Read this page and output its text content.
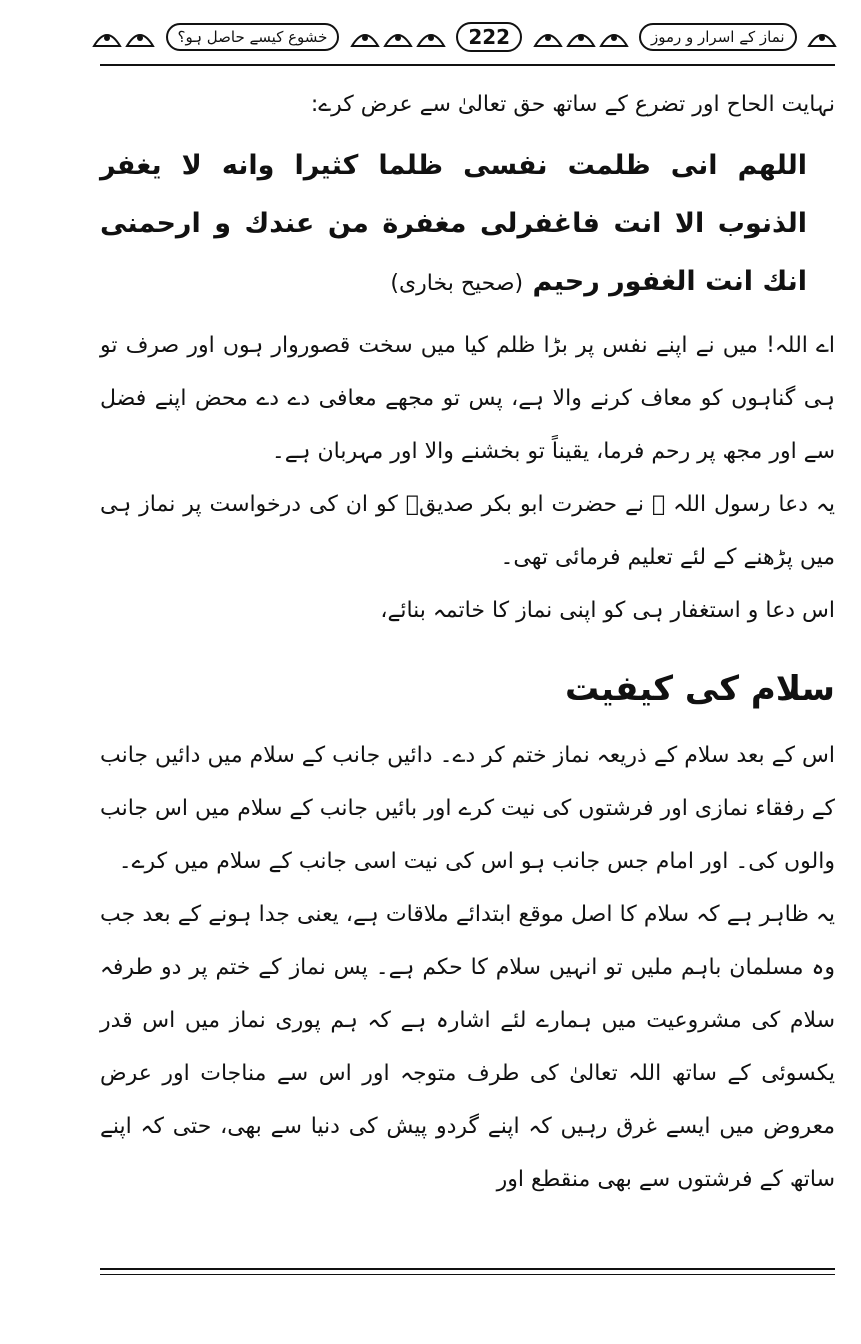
نماز کے اسرار و رموز
222
خشوع کیسے حاصل ہو؟

نہایت الحاح اور تضرع کے ساتھ حق تعالیٰ سے عرض کرے:

اللهم انی ظلمت نفسی ظلما كثيرا وانه لا يغفر الذنوب الا انت فاغفرلی مغفرة من عندك و ارحمنی انك انت الغفور رحيم (صحیح بخاری)

اے اللہ! میں نے اپنے نفس پر بڑا ظلم کیا میں سخت قصوروار ہوں اور صرف تو ہی گناہوں کو معاف کرنے والا ہے، پس تو مجھے معافی دے دے محض اپنے فضل سے اور مجھ پر رحم فرما، یقیناً تو بخشنے والا اور مہربان ہے۔

یہ دعا رسول اللہ ﷺ نے حضرت ابو بکر صدیقؓ کو ان کی درخواست پر نماز ہی میں پڑھنے کے لئے تعلیم فرمائی تھی۔

اس دعا و استغفار ہی کو اپنی نماز کا خاتمہ بنائے،

سلام کی کیفیت

اس کے بعد سلام کے ذریعہ نماز ختم کر دے۔ دائیں جانب کے سلام میں دائیں جانب کے رفقاء نمازی اور فرشتوں کی نیت کرے اور بائیں جانب کے سلام میں اس جانب والوں کی۔ اور امام جس جانب ہو اس کی نیت اسی جانب کے سلام میں کرے۔

یہ ظاہر ہے کہ سلام کا اصل موقع ابتدائے ملاقات ہے، یعنی جدا ہونے کے بعد جب وہ مسلمان باہم ملیں تو انہیں سلام کا حکم ہے۔ پس نماز کے ختم پر دو طرفہ سلام کی مشروعیت میں ہمارے لئے اشارہ ہے کہ ہم پوری نماز میں اس قدر یکسوئی کے ساتھ اللہ تعالیٰ کی طرف متوجہ اور اس سے مناجات اور عرض معروض میں ایسے غرق رہیں کہ اپنے گردو پیش کی دنیا سے بھی، حتی کہ اپنے ساتھ کے فرشتوں سے بھی منقطع اور
